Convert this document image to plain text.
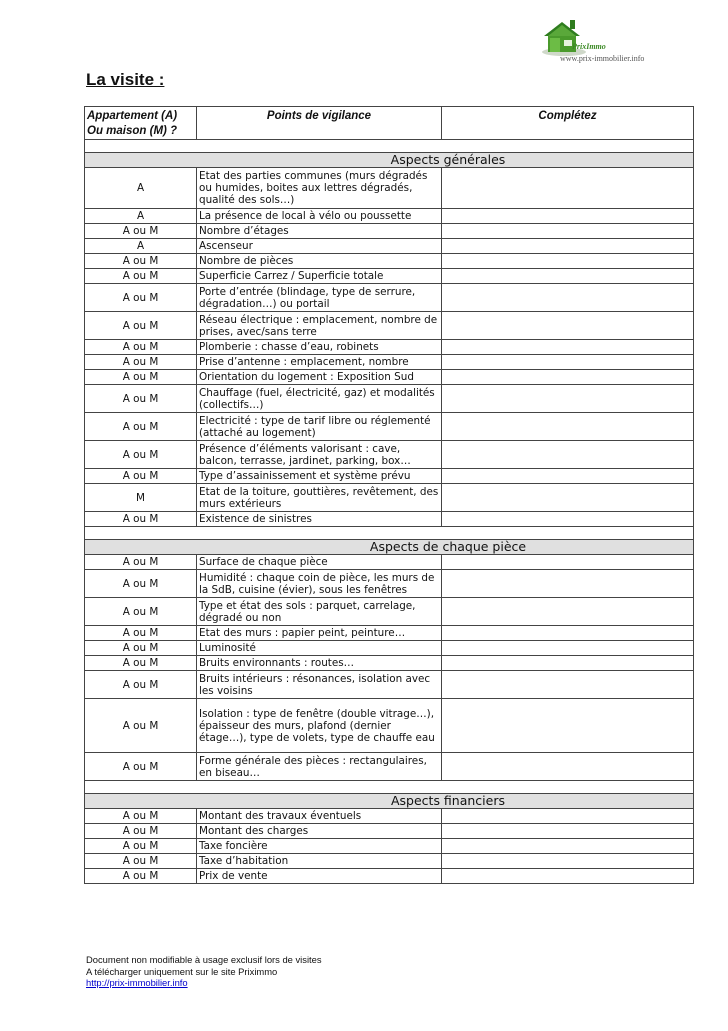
PrixImmo
www.prix-immobilier.info
La visite :
Appartement (A) Ou maison (M) ?	Points de vigilance	Complétez

Aspects générales		
A	Etat des parties communes (murs dégradés ou humides, boites aux lettres dégradés, qualité des sols…)	
A	La présence de local à vélo ou poussette	
A ou M	Nombre d’étages	
A	Ascenseur	
A ou M	Nombre de pièces	
A ou M	Superficie Carrez / Superficie totale	
A ou M	Porte d’entrée (blindage, type de serrure, dégradation…) ou portail	
A ou M	Réseau électrique : emplacement, nombre de prises, avec/sans terre	
A ou M	Plomberie : chasse d’eau, robinets	
A ou M	Prise d’antenne : emplacement, nombre	
A ou M	Orientation du logement : Exposition Sud	
A ou M	Chauffage (fuel, électricité, gaz) et modalités (collectifs…)	
A ou M	Electricité : type de tarif libre ou réglementé (attaché au logement)	
A ou M	Présence d’éléments valorisant : cave, balcon, terrasse, jardinet, parking, box…	
A ou M	Type d’assainissement et système prévu	
M	Etat de la toiture, gouttières, revêtement, des murs extérieurs	
A ou M	Existence de sinistres	

Aspects de chaque pièce		
A ou M	Surface de chaque pièce	
A ou M	Humidité : chaque coin de pièce, les murs de la SdB, cuisine (évier), sous les fenêtres	
A ou M	Type et état des sols : parquet, carrelage, dégradé ou non	
A ou M	Etat des murs : papier peint, peinture…	
A ou M	Luminosité	
A ou M	Bruits environnants : routes…	
A ou M	Bruits intérieurs : résonances, isolation avec les voisins	
A ou M	Isolation : type de fenêtre (double vitrage…), épaisseur des murs, plafond (dernier étage…), type de volets, type de chauffe eau	
A ou M	Forme générale des pièces : rectangulaires, en biseau…	

Aspects financiers		
A ou M	Montant des travaux éventuels	
A ou M	Montant des charges	
A ou M	Taxe foncière	
A ou M	Taxe d’habitation	
A ou M	Prix de vente	
Document non modifiable à usage exclusif lors de visites
A télécharger uniquement sur le site Priximmo
http://prix-immobilier.info
